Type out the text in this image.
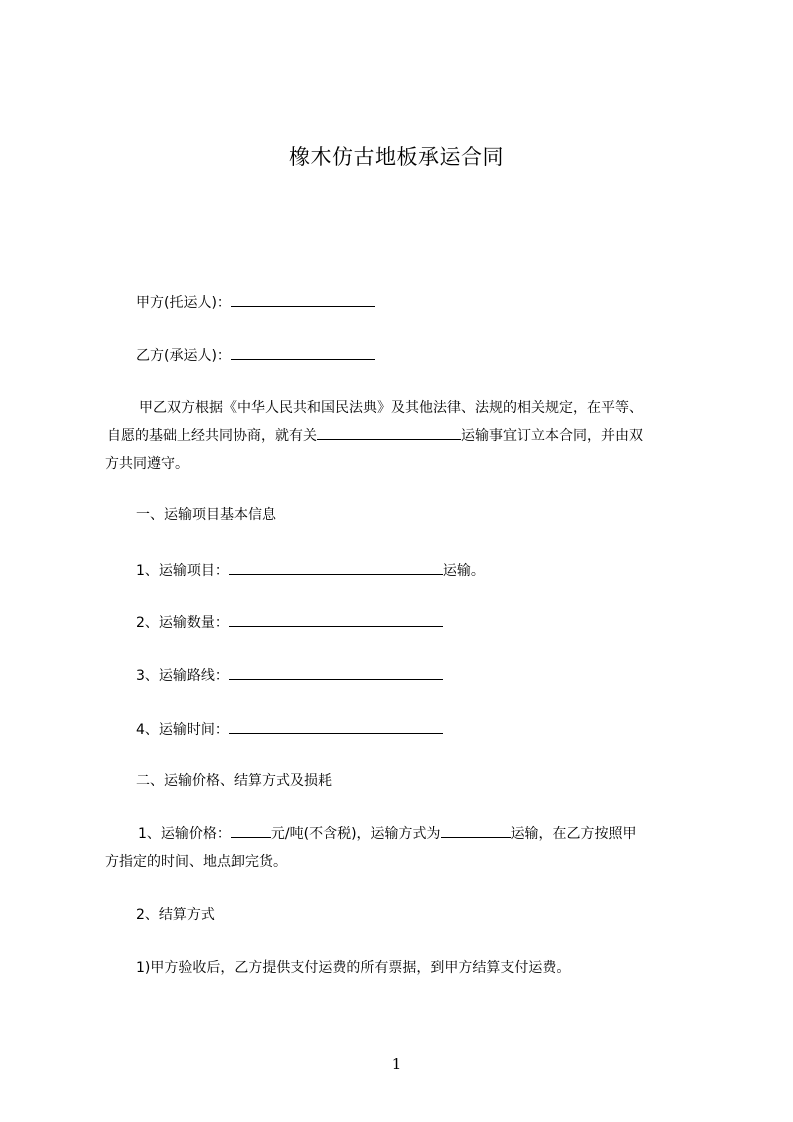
橡木仿古地板承运合同
甲方(托运人)：
乙方(承运人)：
甲乙双方根据《中华人民共和国民法典》及其他法律、法规的相关规定，在平等、
自愿的基础上经共同协商，就有关	运输事宜订立本合同，并由双
方共同遵守。
一、运输项目基本信息
1、运输项目：	运输。
2、运输数量：
3、运输路线：
4、运输时间：
二、运输价格、结算方式及损耗
1、运输价格：	元/吨(不含税)，运输方式为	运输，在乙方按照甲
方指定的时间、地点卸完货。
2、结算方式
1)甲方验收后，乙方提供支付运费的所有票据，到甲方结算支付运费。
1
